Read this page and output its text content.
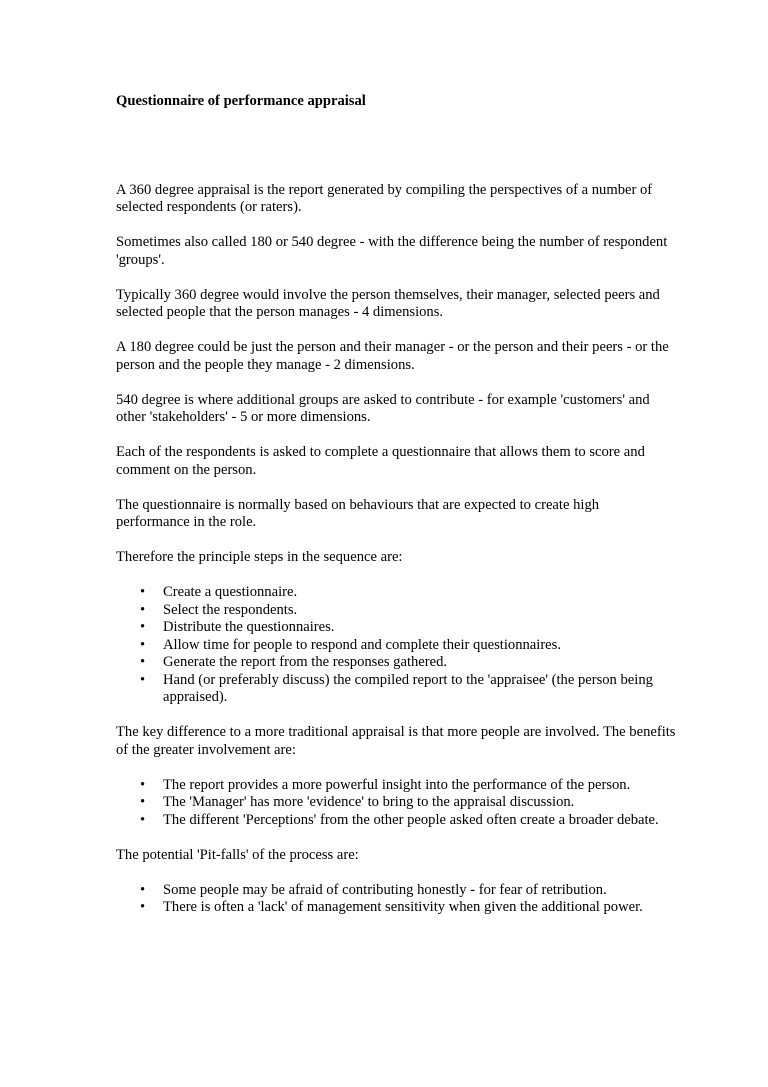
Questionnaire of performance appraisal

A 360 degree appraisal is the report generated by compiling the perspectives of a number of selected respondents (or raters).

Sometimes also called 180 or 540 degree - with the difference being the number of respondent 'groups'.

Typically 360 degree would involve the person themselves, their manager, selected peers and selected people that the person manages - 4 dimensions.

A 180 degree could be just the person and their manager - or the person and their peers - or the person and the people they manage - 2 dimensions.

540 degree is where additional groups are asked to contribute - for example 'customers' and other 'stakeholders' - 5 or more dimensions.

Each of the respondents is asked to complete a questionnaire that allows them to score and comment on the person.

The questionnaire is normally based on behaviours that are expected to create high performance in the role.

Therefore the principle steps in the sequence are:

• Create a questionnaire.
• Select the respondents.
• Distribute the questionnaires.
• Allow time for people to respond and complete their questionnaires.
• Generate the report from the responses gathered.
• Hand (or preferably discuss) the compiled report to the 'appraisee' (the person being appraised).

The key difference to a more traditional appraisal is that more people are involved. The benefits of the greater involvement are:

• The report provides a more powerful insight into the performance of the person.
• The 'Manager' has more 'evidence' to bring to the appraisal discussion.
• The different 'Perceptions' from the other people asked often create a broader debate.

The potential 'Pit-falls' of the process are:

• Some people may be afraid of contributing honestly - for fear of retribution.
• There is often a 'lack' of management sensitivity when given the additional power.
